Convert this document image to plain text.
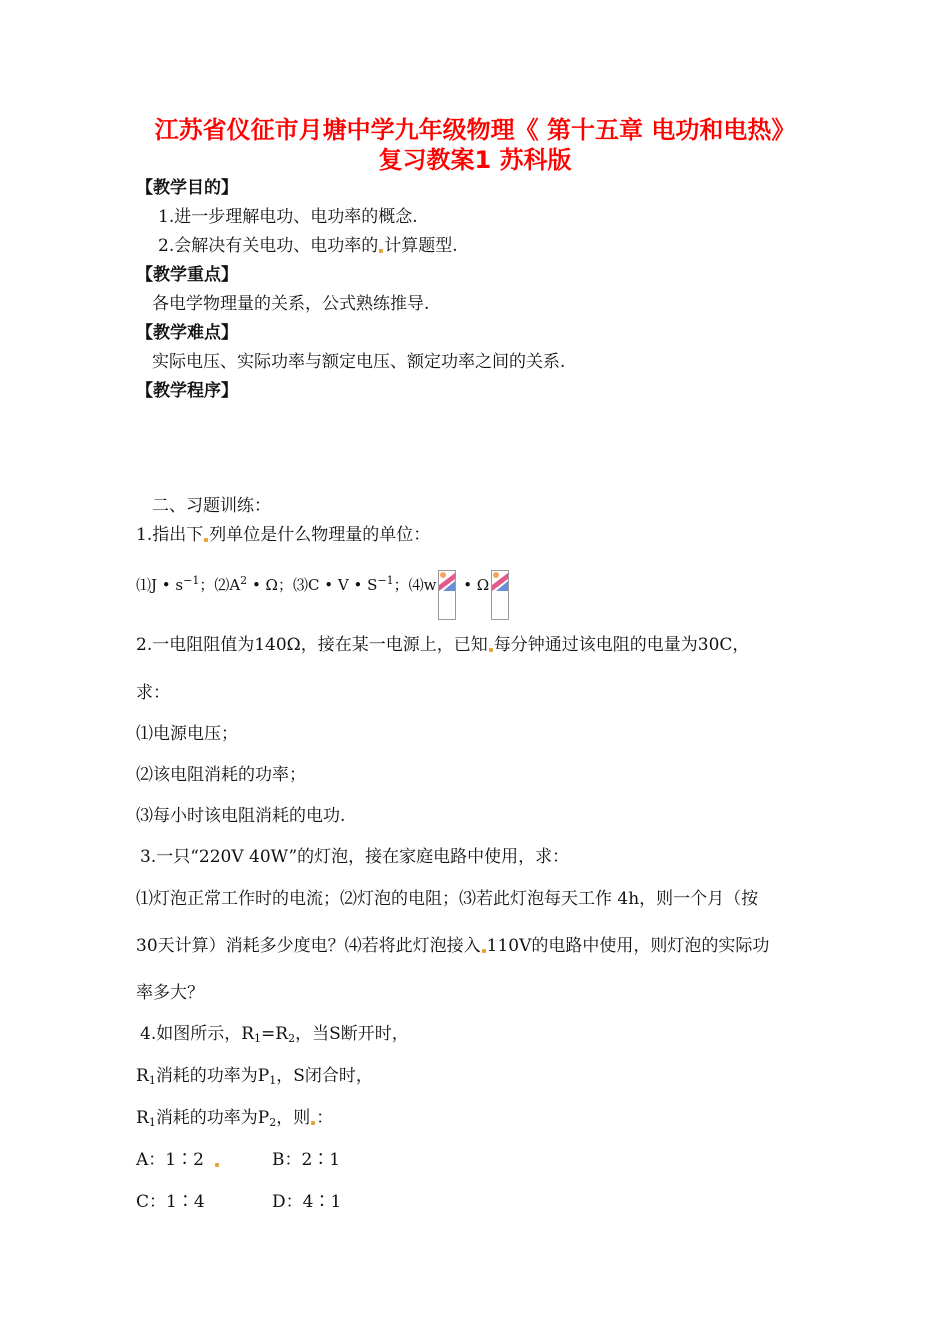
江苏省仪征市月塘中学九年级物理《 第十五章 电功和电热》
复习教案1 苏科版
【教学目的】
1.进一步理解电功、电功率的概念.
2.会解决有关电功、电功率的 计算题型.
【教学重点】
各电学物理量的关系，公式熟练推导.
【教学难点】
实际电压、实际功率与额定电压、额定功率之间的关系.
【教学程序】
二、习题训练：
1.指出下 列单位是什么物理量的单位：
⑴J • $s^{-1}$；$⑵A^2$ • Ω；⑶C • V • $S^{-1}$；⑷w
• Ω
2.一电阻阻值为140Ω，接在某一电源上，已知 每分钟通过该电阻的电量为30C，
求：
⑴电源电压；
⑵该电阻消耗的功率；
⑶每小时该电阻消耗的电功.
3.一只“220V 40W”的灯泡，接在家庭电路中使用，求：
⑴灯泡正常工作时的电流；⑵灯泡的电阻；⑶若此灯泡每天工作 4h，则一个月（按
30天计算）消耗多少度电？⑷若将此灯泡接入 110V的电路中使用，则灯泡的实际功
率多大？
4.如图所示，$R_1=R_2$，当S断开时，
$R_1$消耗的功率为$P_1$，S闭合时，
$R_1$消耗的功率为$P_2$，则 ：
A：1∶2	B：2∶1
C：1∶4	D：4∶1
